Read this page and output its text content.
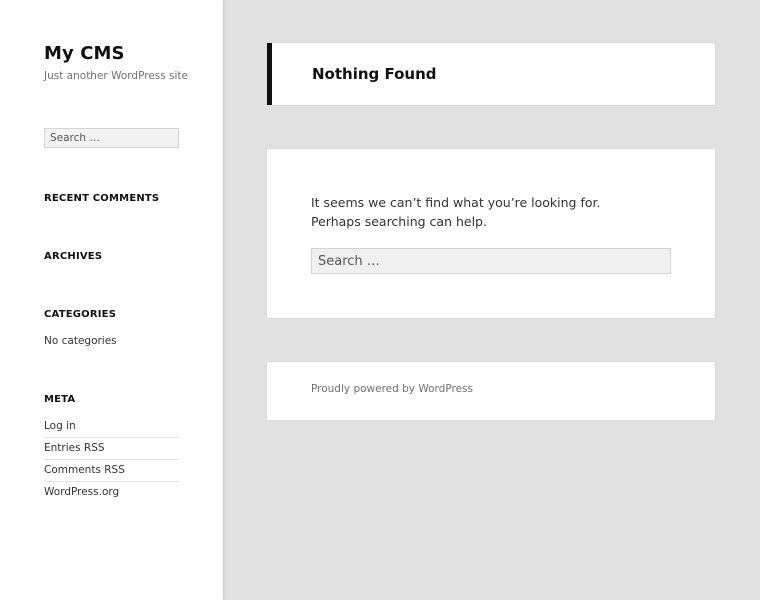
My CMS
Just another WordPress site
Search …
RECENT COMMENTS
ARCHIVES
CATEGORIES
No categories
META
Log in
Entries RSS
Comments RSS
WordPress.org
Nothing Found

It seems we can’t find what you’re looking for. Perhaps searching can help.

Search …
Proudly powered by WordPress
